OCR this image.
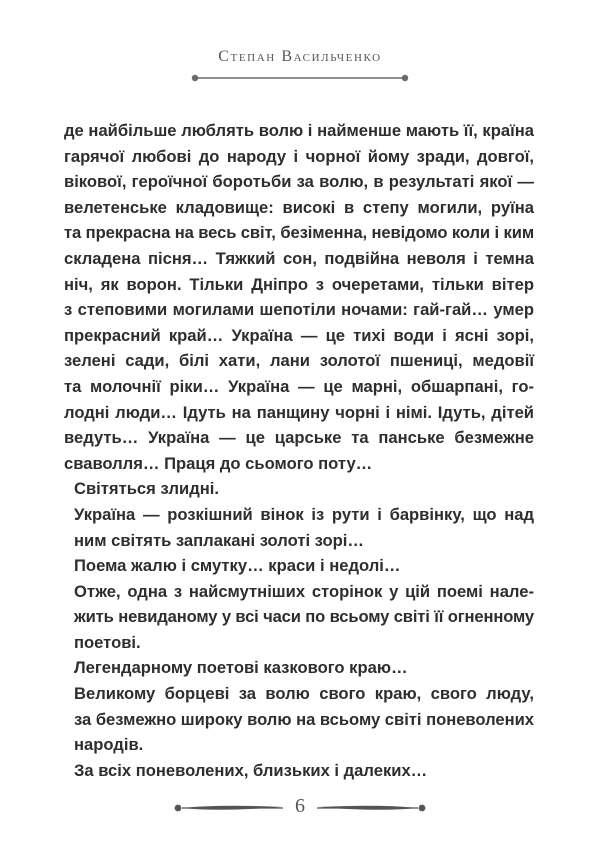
Степан Васильченко

де найбільше люблять волю і найменше мають її, країна
гарячої любові до народу і чорної йому зради, довгої,
вікової, героїчної боротьби за волю, в результаті якої —
велетенське кладовище: високі в степу могили, руїна
та прекрасна на весь світ, безіменна, невідомо коли і ким
складена пісня… Тяжкий сон, подвійна неволя і темна
ніч, як ворон. Тільки Дніпро з очеретами, тільки вітер
з степовими могилами шепотіли ночами: гай-гай… умер
прекрасний край… Україна — це тихі води і ясні зорі,
зелені сади, білі хати, лани золотої пшениці, медовії
та молочнії ріки… Україна — це марні, обшарпані, го-
лодні люди… Ідуть на панщину чорні і німі. Ідуть, дітей
ведуть… Україна — це царське та панське безмежне
сваволля… Праця до сьомого поту…

Світяться злидні.

Україна — розкішний вінок із рути і барвінку, що над
ним світять заплакані золоті зорі…

Поема жалю і смутку… краси і недолі…

Отже, одна з найсмутніших сторінок у цій поемі нале-
жить невиданому у всі часи по всьому світі її огненному
поетові.

Легендарному поетові казкового краю…

Великому борцеві за волю свого краю, свого люду,
за безмежно широку волю на всьому світі поневолених
народів.

За всіх поневолених, близьких і далеких…

6
